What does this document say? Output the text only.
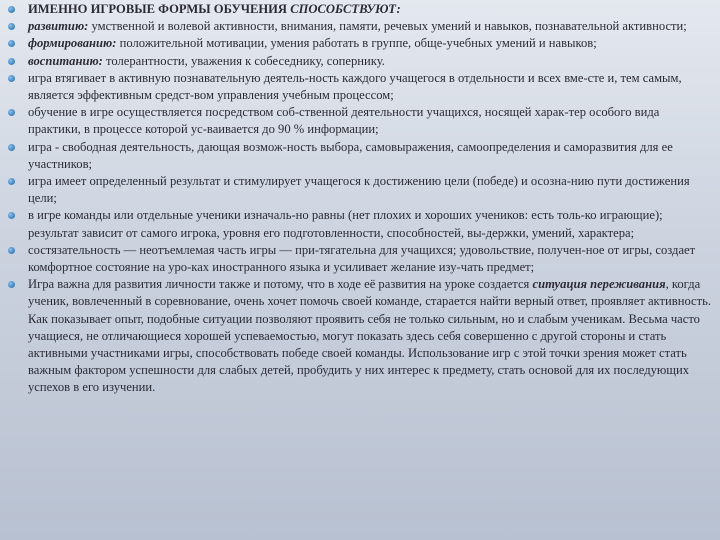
ИМЕННО ИГРОВЫЕ ФОРМЫ ОБУЧЕНИЯ СПОСОБСТВУЮТ:
развитию: умственной и волевой активности, внимания, памяти, речевых умений и навыков, познавательной активности;
формированию: положительной мотивации, умения работать в группе, обще-учебных умений и навыков;
воспитанию: толерантности, уважения к собеседнику, сопернику.
игра втягивает в активную познавательную деятель-ность каждого учащегося в отдельности и всех вме-сте и, тем самым, является эффективным средст-вом управления учебным процессом;
обучение в игре осуществляется посредством соб-ственной деятельности учащихся, носящей харак-тер особого вида практики, в процессе которой ус-ваивается до 90 % информации;
игра - свободная деятельность, дающая возмож-ность выбора, самовыражения, самоопределения и саморазвития для ее участников;
игра имеет определенный результат и стимулирует учащегося к достижению цели (победе) и осозна-нию пути достижения цели;
в игре команды или отдельные ученики изначаль-но равны (нет плохих и хороших учеников: есть толь-ко играющие); результат зависит от самого игрока, уровня его подготовленности, способностей, вы-держки, умений, характера;
состязательность — неотъемлемая часть игры — при-тягательна для учащихся; удовольствие, получен-ное от игры, создает комфортное состояние на уро-ках иностранного языка и усиливает желание изу-чать предмет;
Игра важна для развития личности также и потому, что в ходе её развития на уроке создается ситуация переживания, когда ученик, вовлеченный в соревнование, очень хочет помочь своей команде, старается найти верный ответ, проявляет активность. Как показывает опыт, подобные ситуации позволяют проявить себя не только сильным, но и слабым ученикам. Весьма часто учащиеся, не отличающиеся хорошей успеваемостью, могут показать здесь себя совершенно с другой стороны и стать активными участниками игры, способствовать победе своей команды. Использование игр с этой точки зрения может стать важным фактором успешности для слабых детей, пробудить у них интерес к предмету, стать основой для их последующих успехов в его изучении.
